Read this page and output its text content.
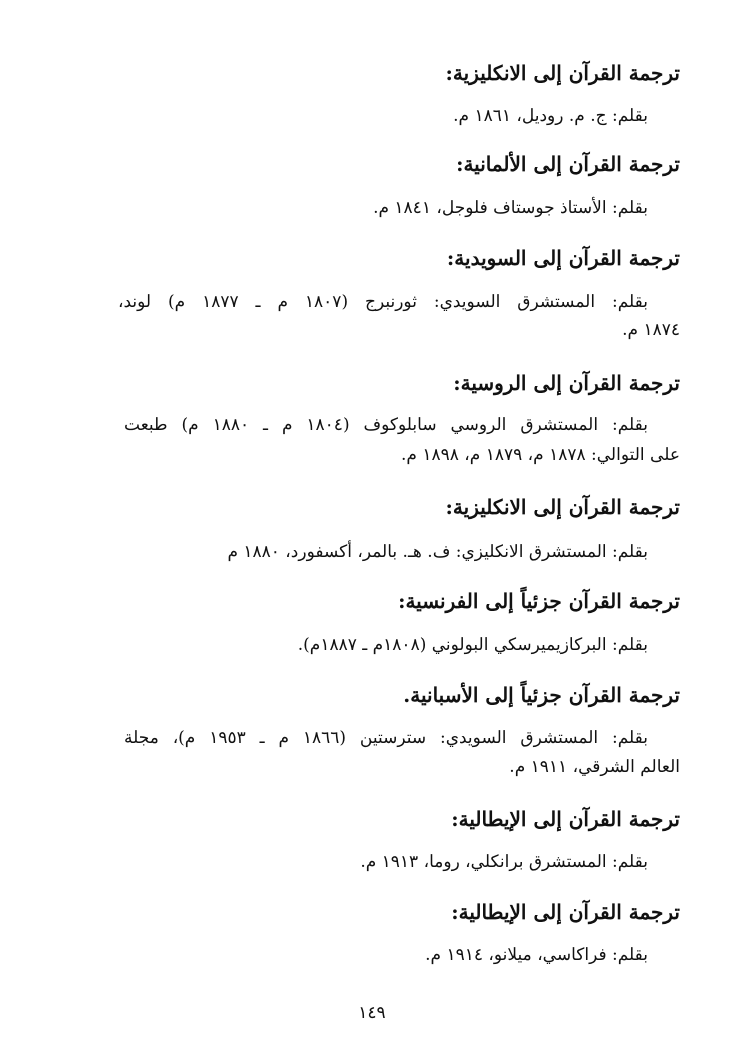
ترجمة القرآن إلى الانكليزية:

بقلم: ج. م. روديل، ١٨٦١ م.

ترجمة القرآن إلى الألمانية:

بقلم: الأستاذ جوستاف فلوجل، ١٨٤١ م.

ترجمة القرآن إلى السويدية:

بقلم: المستشرق السويدي: ثورنبرج (١٨٠٧ م ـ ١٨٧٧ م) لوند،

١٨٧٤ م.

ترجمة القرآن إلى الروسية:

بقلم: المستشرق الروسي سابلوكوف (١٨٠٤ م ـ ١٨٨٠ م) طبعت

على التوالي: ١٨٧٨ م، ١٨٧٩ م، ١٨٩٨ م.

ترجمة القرآن إلى الانكليزية:

بقلم: المستشرق الانكليزي: ف. هـ. بالمر، أكسفورد، ١٨٨٠ م

ترجمة القرآن جزئياً إلى الفرنسية:

بقلم: البركازيميرسكي البولوني (١٨٠٨م ـ ١٨٨٧م).

ترجمة القرآن جزئياً إلى الأسبانية.

بقلم: المستشرق السويدي: سترستين (١٨٦٦ م ـ ١٩٥٣ م)، مجلة

العالم الشرقي، ١٩١١ م.

ترجمة القرآن إلى الإيطالية:

بقلم: المستشرق برانكلي، روما، ١٩١٣ م.

ترجمة القرآن إلى الإيطالية:

بقلم: فراكاسي، ميلانو، ١٩١٤ م.

١٤٩
